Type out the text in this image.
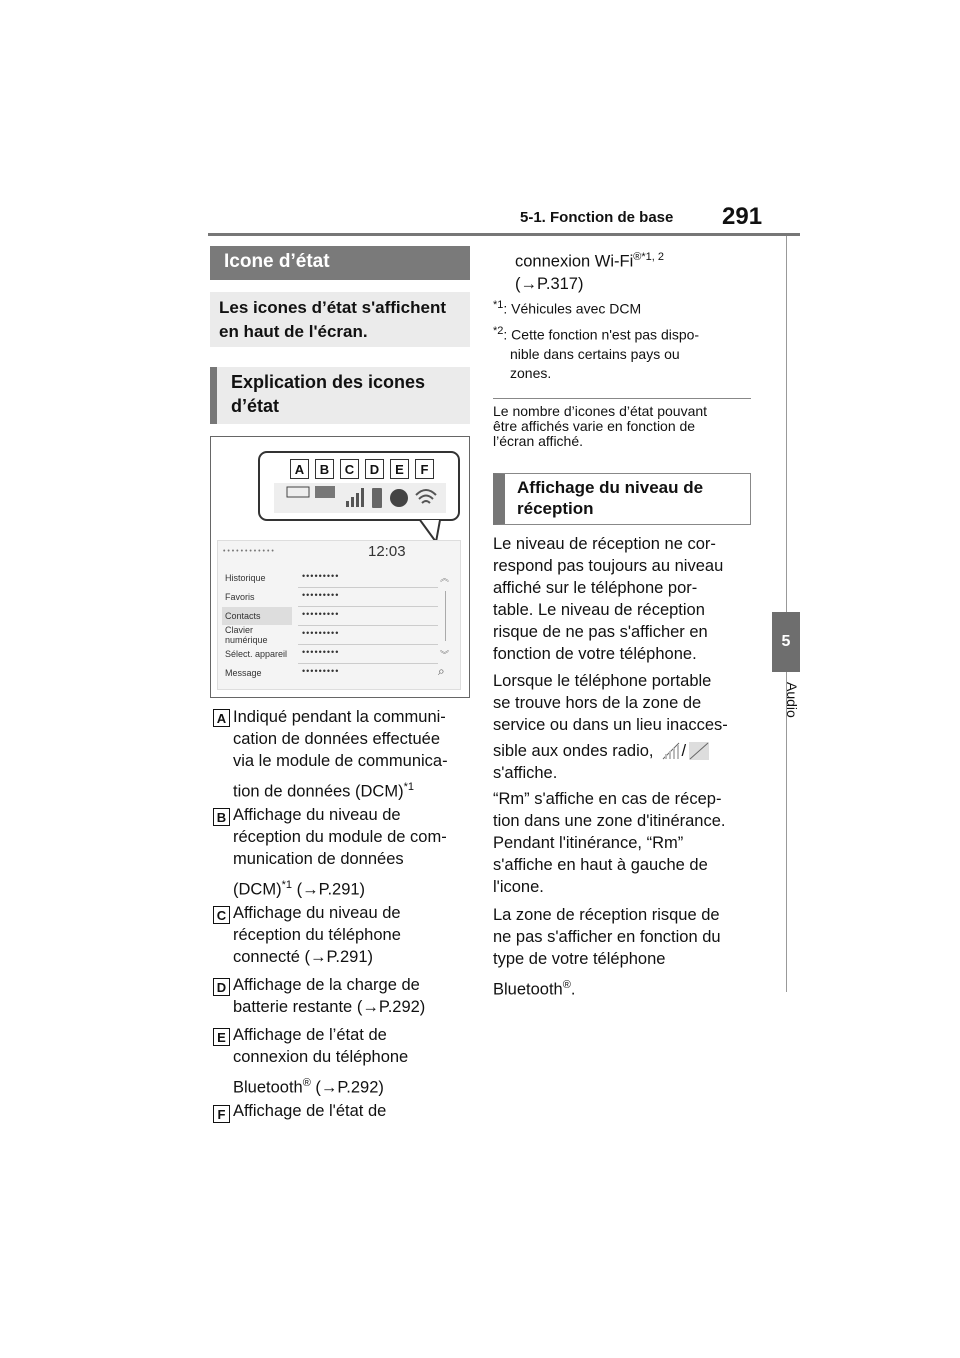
5-1. Fonction de base 291
5
Audio
Icone d’état
Les icones d’état s'affichent
en haut de l'écran.
Explication des icones
d’état
A	B	C	D	E	F
• • • • • • • • • • • •	12:03
Historique
Favoris
Contacts
Clavier numérique
Sélect. appareil
Message
•••••••••
•••••••••
•••••••••
•••••••••
•••••••••
•••••••••
︽
︾
⌕
A Indiqué pendant la communi-
cation de données effectuée
via le module de communica-
tion de données (DCM)$^{*1}$
B Affichage du niveau de
réception du module de com-
munication de données
(DCM)$^{*1}$ (→P.291)
C Affichage du niveau de
réception du téléphone
connecté (→P.291)
D Affichage de la charge de
batterie restante (→P.292)
E Affichage de l’état de
connexion du téléphone
Bluetooth® (→P.292)
F Affichage de l'état de
connexion $Wi-Fi^{®*1, 2}$
(→P.317)
$^{*1}$: Véhicules avec DCM
$^{*2}$: Cette fonction n'est pas dispo-
nible dans certains pays ou
zones.
Le nombre d’icones d’état pouvant
être affichés varie en fonction de
l’écran affiché.
Affichage du niveau de
réception
Le niveau de réception ne cor-
respond pas toujours au niveau
affiché sur le téléphone por-
table. Le niveau de réception
risque de ne pas s'afficher en
fonction de votre téléphone.
Lorsque le téléphone portable
se trouve hors de la zone de
service ou dans un lieu inacces-
sible aux ondes radio, /
s'affiche.
“Rm” s'affiche en cas de récep-
tion dans une zone d'itinérance.
Pendant l'itinérance, “Rm”
s'affiche en haut à gauche de
l'icone.
La zone de réception risque de
ne pas s'afficher en fonction du
type de votre téléphone
Bluetooth®.
